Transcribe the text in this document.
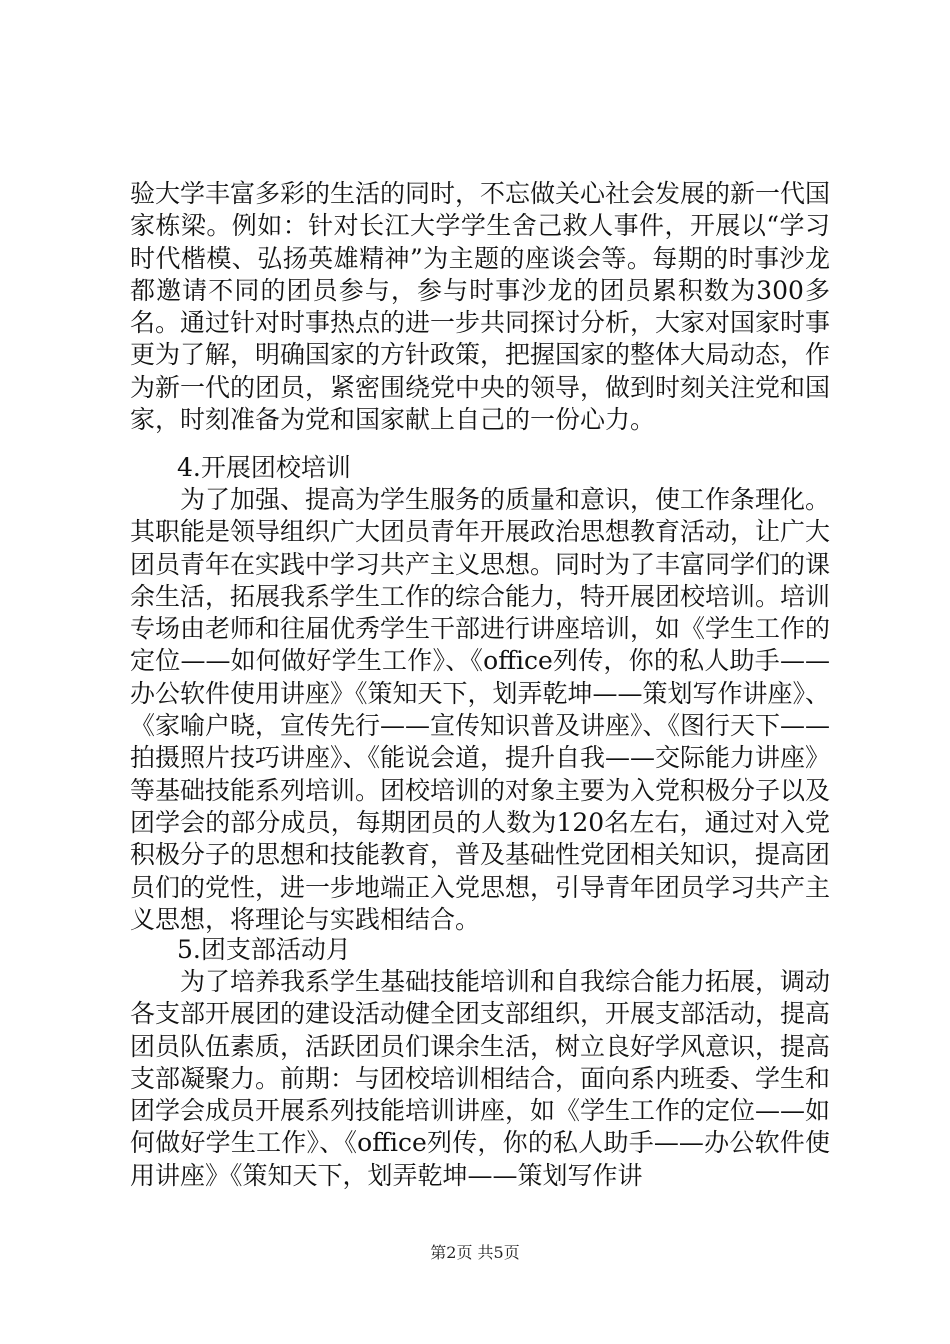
验大学丰富多彩的生活的同时，不忘做关心社会发展的新一代国家栋梁。例如：针对长江大学学生舍己救人事件，开展以“学习时代楷模、弘扬英雄精神”为主题的座谈会等。每期的时事沙龙都邀请不同的团员参与，参与时事沙龙的团员累积数为300多名。通过针对时事热点的进一步共同探讨分析，大家对国家时事更为了解，明确国家的方针政策，把握国家的整体大局动态，作为新一代的团员，紧密围绕党中央的领导，做到时刻关注党和国家，时刻准备为党和国家献上自己的一份心力。

4.开展团校培训

为了加强、提高为学生服务的质量和意识，使工作条理化。其职能是领导组织广大团员青年开展政治思想教育活动，让广大团员青年在实践中学习共产主义思想。同时为了丰富同学们的课余生活，拓展我系学生工作的综合能力，特开展团校培训。培训专场由老师和往届优秀学生干部进行讲座培训，如《学生工作的定位——如何做好学生工作》、《office列传，你的私人助手——办公软件使用讲座》《策知天下，划弄乾坤——策划写作讲座》、《家喻户晓，宣传先行——宣传知识普及讲座》、《图行天下——拍摄照片技巧讲座》、《能说会道，提升自我——交际能力讲座》等基础技能系列培训。团校培训的对象主要为入党积极分子以及团学会的部分成员，每期团员的人数为120名左右，通过对入党积极分子的思想和技能教育，普及基础性党团相关知识，提高团员们的党性，进一步地端正入党思想，引导青年团员学习共产主义思想，将理论与实践相结合。

5.团支部活动月

为了培养我系学生基础技能培训和自我综合能力拓展，调动各支部开展团的建设活动健全团支部组织，开展支部活动，提高团员队伍素质，活跃团员们课余生活，树立良好学风意识，提高支部凝聚力。前期：与团校培训相结合，面向系内班委、学生和团学会成员开展系列技能培训讲座，如《学生工作的定位——如何做好学生工作》、《office列传，你的私人助手——办公软件使用讲座》《策知天下，划弄乾坤——策划写作讲

第2页 共5页
